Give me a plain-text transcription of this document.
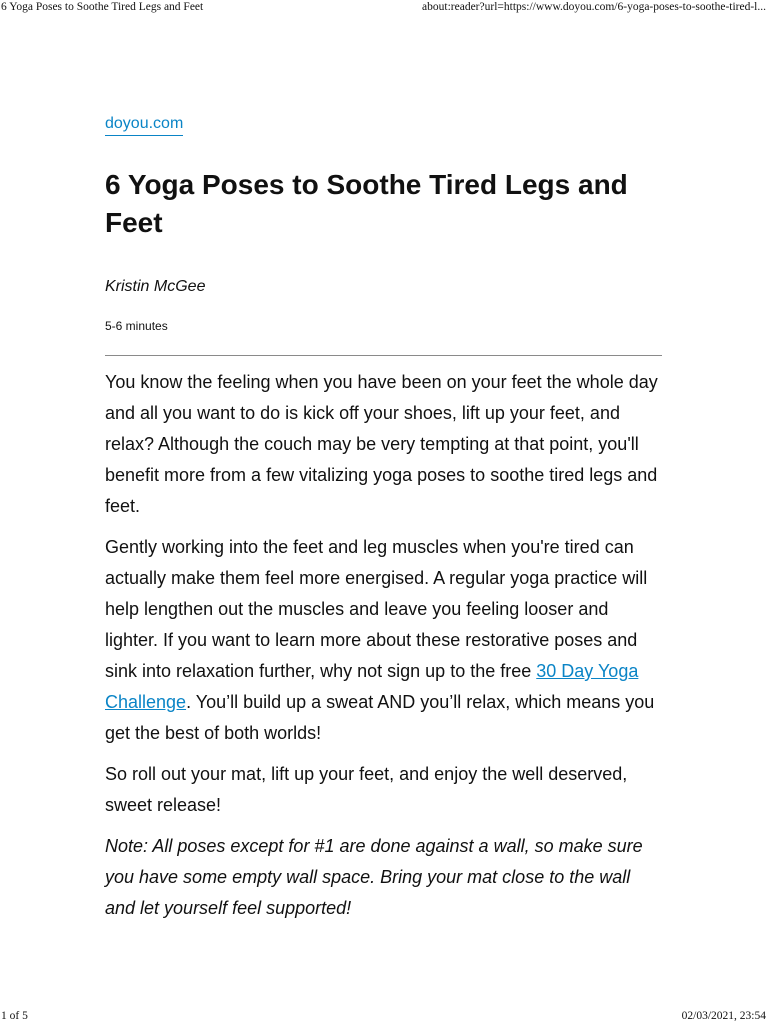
6 Yoga Poses to Soothe Tired Legs and Feet	about:reader?url=https://www.doyou.com/6-yoga-poses-to-soothe-tired-l...
doyou.com
6 Yoga Poses to Soothe Tired Legs and Feet
Kristin McGee
5-6 minutes

You know the feeling when you have been on your feet the whole day and all you want to do is kick off your shoes, lift up your feet, and relax? Although the couch may be very tempting at that point, you'll benefit more from a few vitalizing yoga poses to soothe tired legs and feet.

Gently working into the feet and leg muscles when you're tired can actually make them feel more energised. A regular yoga practice will help lengthen out the muscles and leave you feeling looser and lighter. If you want to learn more about these restorative poses and sink into relaxation further, why not sign up to the free 30 Day Yoga Challenge. You’ll build up a sweat AND you’ll relax, which means you get the best of both worlds!

So roll out your mat, lift up your feet, and enjoy the well deserved, sweet release!

Note: All poses except for #1 are done against a wall, so make sure you have some empty wall space. Bring your mat close to the wall and let yourself feel supported!

1 of 5	02/03/2021, 23:54
